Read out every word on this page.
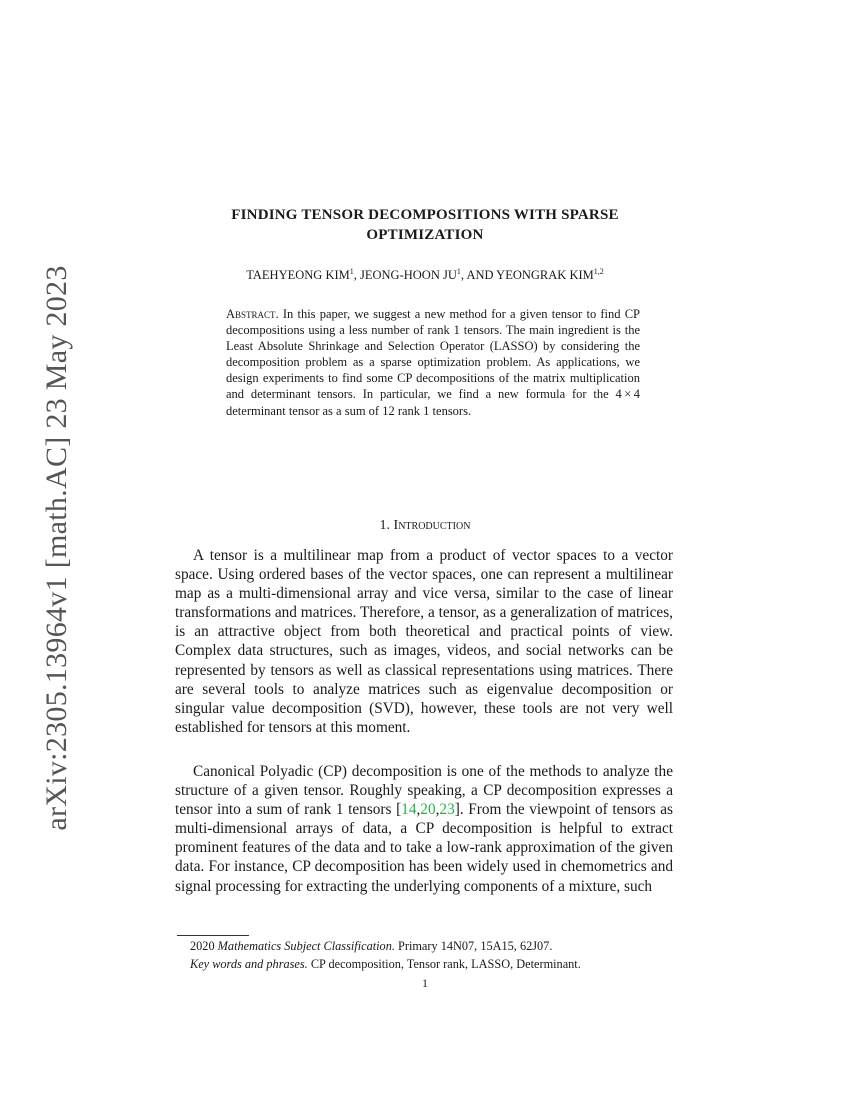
arXiv:2305.13964v1 [math.AC] 23 May 2023
FINDING TENSOR DECOMPOSITIONS WITH SPARSE
OPTIMIZATION
TAEHYEONG KIM$^1$, JEONG-HOON $JU^1$, AND YEONGRAK KIM$^{1,2}$
Abstract. In this paper, we suggest a new method for a given tensor to find CP decompositions using a less number of rank 1 tensors. The main ingredient is the Least Absolute Shrinkage and Selection Operator (LASSO) by considering the decomposition problem as a sparse optimization problem. As applications, we design experiments to find some CP decompositions of the matrix multiplication and determinant tensors. In particular, we find a new formula for the 4 × 4 determinant tensor as a sum of 12 rank 1 tensors.
1. Introduction

A tensor is a multilinear map from a product of vector spaces to a vector space. Using ordered bases of the vector spaces, one can represent a multilinear map as a multi-dimensional array and vice versa, similar to the case of linear transformations and matrices. Therefore, a tensor, as a generalization of matrices, is an attractive object from both theoretical and practical points of view. Complex data structures, such as images, videos, and social networks can be represented by tensors as well as classical representations using matrices. There are several tools to analyze matrices such as eigenvalue decomposition or singular value decomposition (SVD), however, these tools are not very well established for tensors at this moment.

Canonical Polyadic (CP) decomposition is one of the methods to analyze the structure of a given tensor. Roughly speaking, a CP decomposition expresses a tensor into a sum of rank 1 tensors [14,20,23]. From the viewpoint of tensors as multi-dimensional arrays of data, a CP decomposition is helpful to extract prominent features of the data and to take a low-rank approximation of the given data. For instance, CP decomposition has been widely used in chemometrics and signal processing for extracting the underlying components of a mixture, such

2020 Mathematics Subject Classification. Primary 14N07, 15A15, 62J07.
Key words and phrases. CP decomposition, Tensor rank, LASSO, Determinant.
1
